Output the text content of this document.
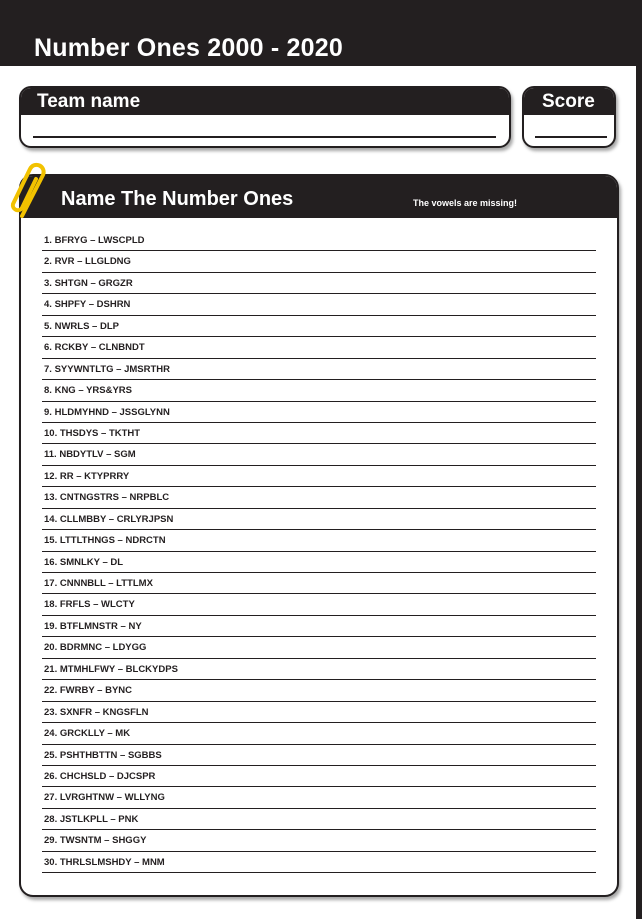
Number Ones 2000 - 2020
Team name	Score
Name The Number Ones	The vowels are missing!
1. BFRYG – LWSCPLD
2. RVR – LLGLDNG
3. SHTGN – GRGZR
4. SHPFY – DSHRN
5. NWRLS – DLP
6. RCKBY – CLNBNDT
7. SYYWNTLTG – JMSRTHR
8. KNG – YRS&YRS
9. HLDMYHND – JSSGLYNN
10. THSDYS – TKTHT
11. NBDYTLV – SGM
12. RR – KTYPRRY
13. CNTNGSTRS – NRPBLC
14. CLLMBBY – CRLYRJPSN
15. LTTLTHNGS – NDRCTN
16. SMNLKY – DL
17. CNNNBLL – LTTLMX
18. FRFLS – WLCTY
19. BTFLMNSTR – NY
20. BDRMNC – LDYGG
21. MTMHLFWY – BLCKYDPS
22. FWRBY – BYNC
23. SXNFR – KNGSFLN
24. GRCKLLY – MK
25. PSHTHBTTN – SGBBS
26. CHCHSLD – DJCSPR
27. LVRGHTNW – WLLYNG
28. JSTLKPLL – PNK
29. TWSNTM – SHGGY
30. THRLSLMSHDY – MNM
